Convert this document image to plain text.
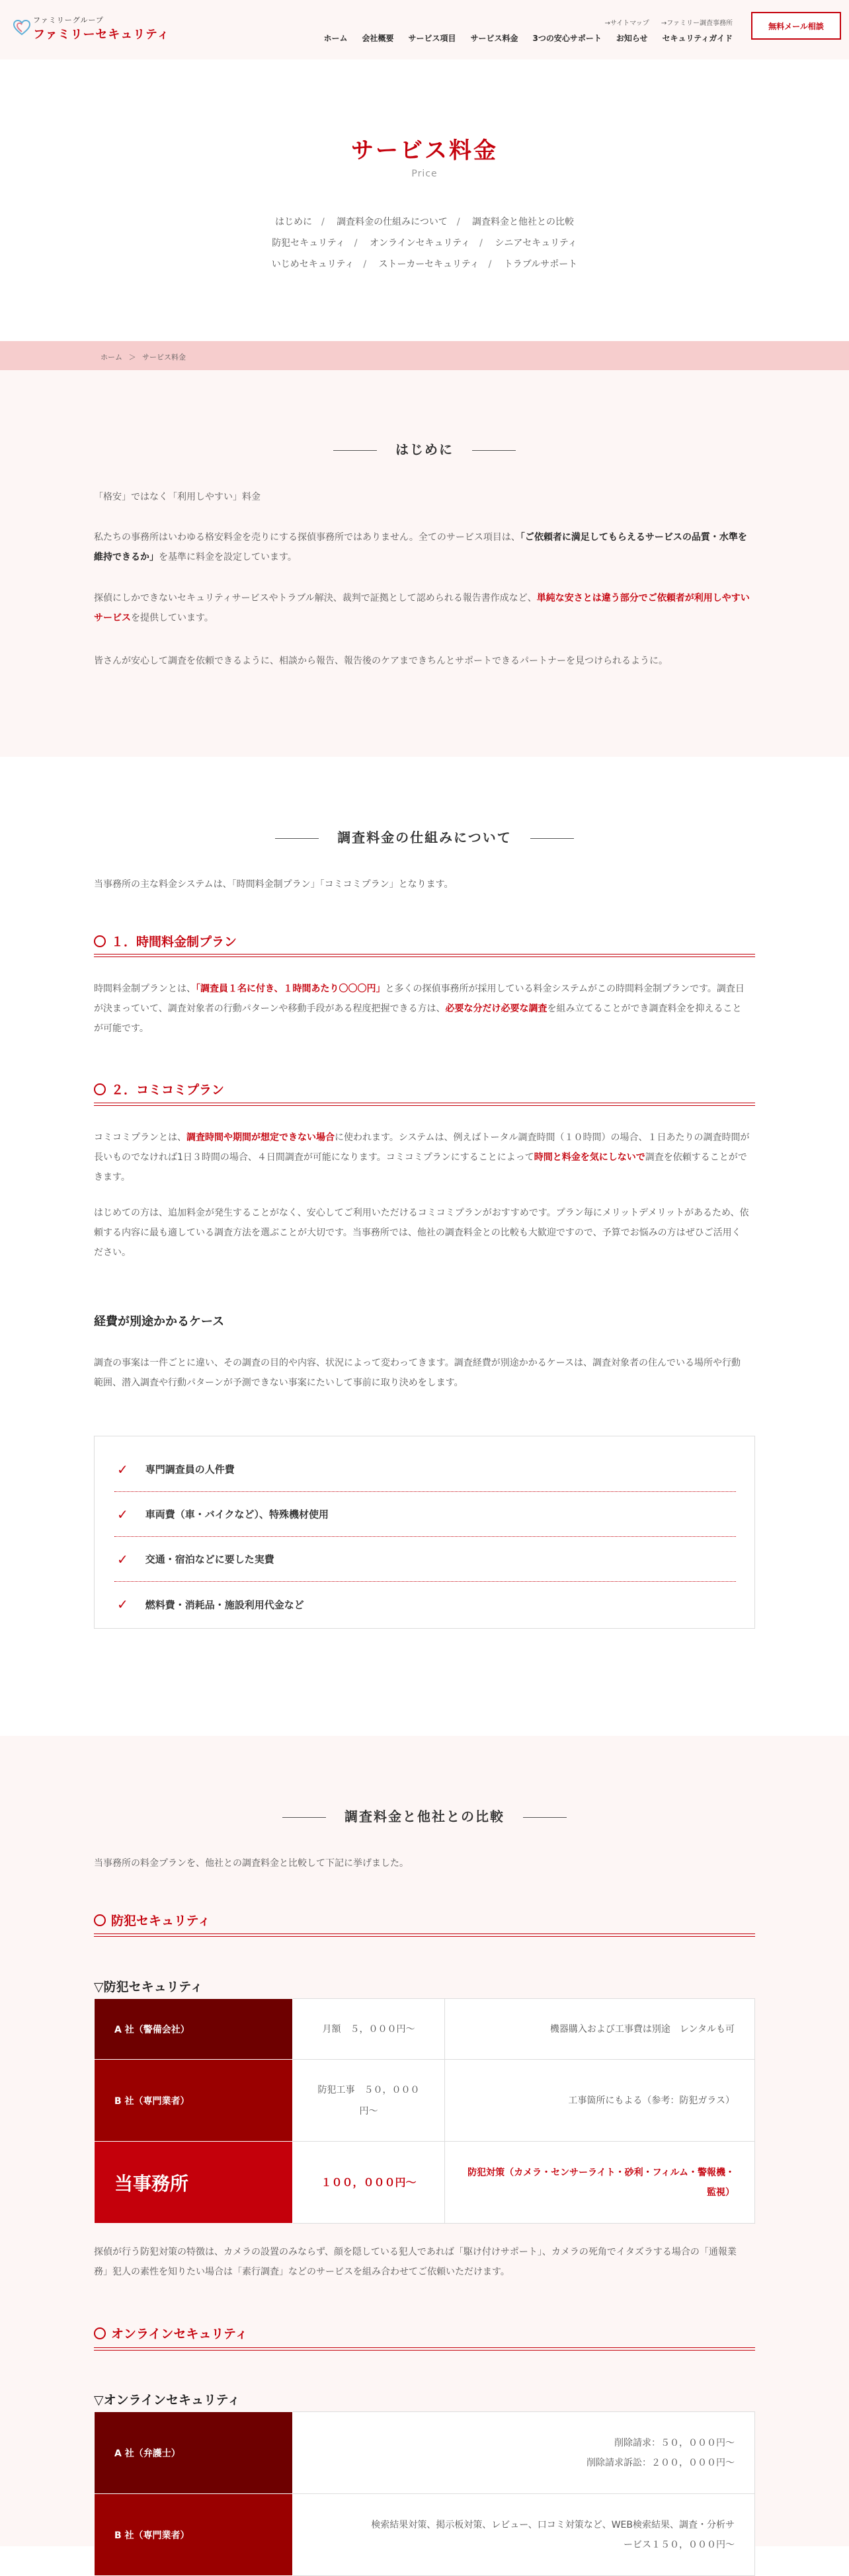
ファミリーグループ
ファミリーセキュリティ
→サイトマップ →ファミリー調査事務所
ホーム 会社概要 サービス項目 サービス料金 3つの安心サポート お知らせ セキュリティガイド
無料メール相談
サービス料金
Price
はじめに / 調査料金の仕組みについて / 調査料金と他社との比較
防犯セキュリティ / オンラインセキュリティ / シニアセキュリティ
いじめセキュリティ / ストーカーセキュリティ / トラブルサポート
ホーム ＞ サービス料金
はじめに
「格安」ではなく「利用しやすい」料金
私たちの事務所はいわゆる格安料金を売りにする探偵事務所ではありません。全てのサービス項目は、「ご依頼者に満足してもらえるサービスの品質・水準を維持できるか」を基準に料金を設定しています。
探偵にしかできないセキュリティサービスやトラブル解決、裁判で証拠として認められる報告書作成など、単純な安さとは違う部分でご依頼者が利用しやすいサービスを提供しています。
皆さんが安心して調査を依頼できるように、相談から報告、報告後のケアまできちんとサポートできるパートナーを見つけられるように。
調査料金の仕組みについて
当事務所の主な料金システムは、「時間料金制プラン」「コミコミプラン」となります。
１．時間料金制プラン
時間料金制プランとは、「調査員１名に付き、１時間あたり〇〇〇円」と多くの探偵事務所が採用している料金システムがこの時間料金制プランです。調査日が決まっていて、調査対象者の行動パターンや移動手段がある程度把握できる方は、必要な分だけ必要な調査を組み立てることができ調査料金を抑えることが可能です。
２．コミコミプラン
コミコミプランとは、調査時間や期間が想定できない場合に使われます。システムは、例えばトータル調査時間（１０時間）の場合、１日あたりの調査時間が長いものでなければ1日３時間の場合、４日間調査が可能になります。コミコミプランにすることによって時間と料金を気にしないで調査を依頼することができます。
はじめての方は、追加料金が発生することがなく、安心してご利用いただけるコミコミプランがおすすめです。プラン毎にメリットデメリットがあるため、依頼する内容に最も適している調査方法を選ぶことが大切です。当事務所では、他社の調査料金との比較も大歓迎ですので、予算でお悩みの方はぜひご活用ください。
経費が別途かかるケース
調査の事案は一件ごとに違い、その調査の目的や内容、状況によって変わってきます。調査経費が別途かかるケースは、調査対象者の住んでいる場所や行動範囲、潜入調査や行動パターンが予測できない事案にたいして事前に取り決めをします。
✓ 専門調査員の人件費
✓ 車両費（車・バイクなど）、特殊機材使用
✓ 交通・宿泊などに要した実費
✓ 燃料費・消耗品・施設利用代金など
調査料金と他社との比較
当事務所の料金プランを、他社との調査料金と比較して下記に挙げました。
防犯セキュリティ
▽防犯セキュリティ
A 社（警備会社）	月額　５，０００円〜	機器購入および工事費は別途　レンタルも可
B 社（専門業者）	防犯工事　５０，０００円〜	工事箇所にもよる（参考：防犯ガラス）
当事務所	１００，０００円〜	防犯対策（カメラ・センサーライト・砂利・フィルム・警報機・監視）
探偵が行う防犯対策の特徴は、カメラの設置のみならず、顔を隠している犯人であれば「駆け付けサポート」、カメラの死角でイタズラする場合の「通報業務」犯人の素性を知りたい場合は「素行調査」などのサービスを組み合わせてご依頼いただけます。
オンラインセキュリティ
▽オンラインセキュリティ
A 社（弁護士）	削除請求：５０，０００円〜
削除請求訴訟：２００，０００円〜

B 社（専門業者）	検索結果対策、掲示板対策、レビュー、口コミ対策など、WEB検索結果、調査・分析サ
ービス１５０，０００円〜
